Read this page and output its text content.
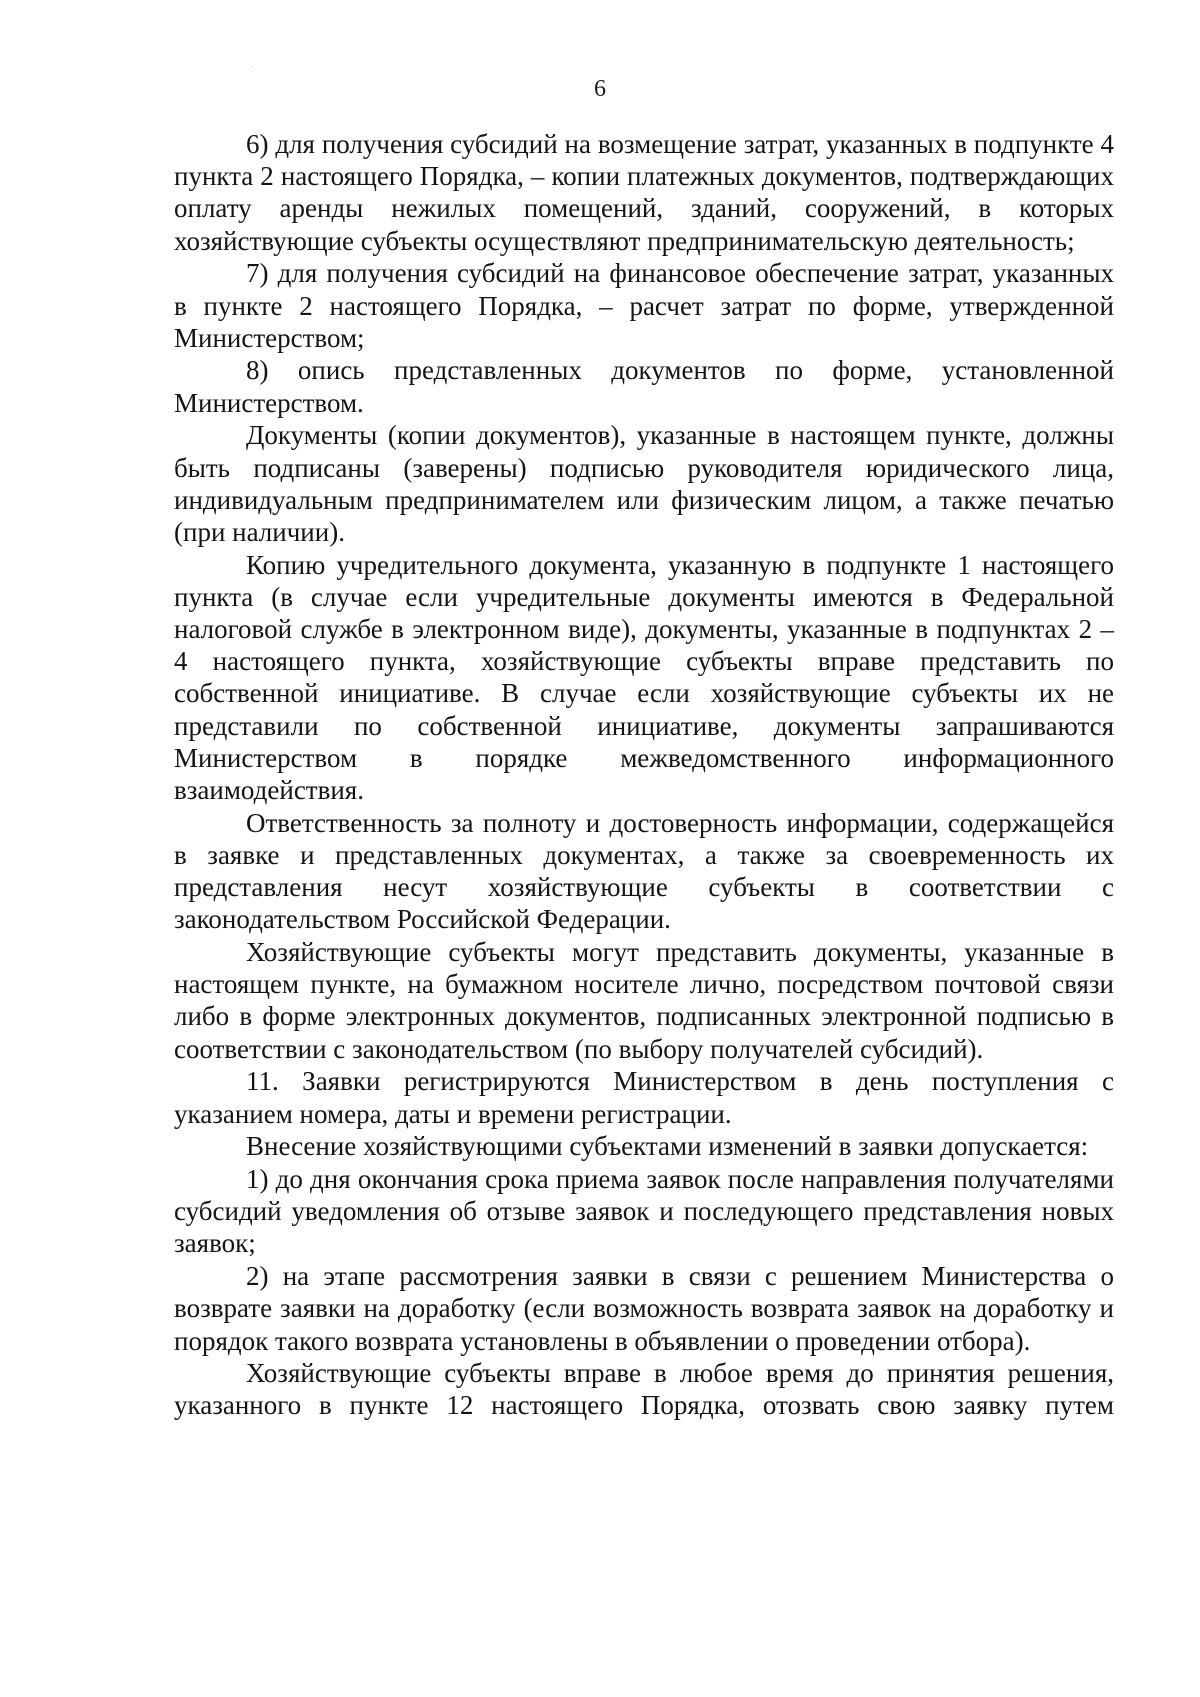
6

6) для получения субсидий на возмещение затрат, указанных в подпункте 4 пункта 2 настоящего Порядка, – копии платежных документов, подтверждающих оплату аренды нежилых помещений, зданий, сооружений, в которых хозяйствующие субъекты осуществляют предпринимательскую деятельность;

7) для получения субсидий на финансовое обеспечение затрат, указанных в пункте 2 настоящего Порядка, – расчет затрат по форме, утвержденной Министерством;

8) опись представленных документов по форме, установленной Министерством.

Документы (копии документов), указанные в настоящем пункте, должны быть подписаны (заверены) подписью руководителя юридического лица, индивидуальным предпринимателем или физическим лицом, а также печатью (при наличии).

Копию учредительного документа, указанную в подпункте 1 настоящего пункта (в случае если учредительные документы имеются в Федеральной налоговой службе в электронном виде), документы, указанные в подпунктах 2 – 4 настоящего пункта, хозяйствующие субъекты вправе представить по собственной инициативе. В случае если хозяйствующие субъекты их не представили по собственной инициативе, документы запрашиваются Министерством в порядке межведомственного информационного взаимодействия.

Ответственность за полноту и достоверность информации, содержащейся в заявке и представленных документах, а также за своевременность их представления несут хозяйствующие субъекты в соответствии с законодательством Российской Федерации.

Хозяйствующие субъекты могут представить документы, указанные в настоящем пункте, на бумажном носителе лично, посредством почтовой связи либо в форме электронных документов, подписанных электронной подписью в соответствии с законодательством (по выбору получателей субсидий).

11. Заявки регистрируются Министерством в день поступления с указанием номера, даты и времени регистрации.

Внесение хозяйствующими субъектами изменений в заявки допускается:

1) до дня окончания срока приема заявок после направления получателями субсидий уведомления об отзыве заявок и последующего представления новых заявок;

2) на этапе рассмотрения заявки в связи с решением Министерства о возврате заявки на доработку (если возможность возврата заявок на доработку и порядок такого возврата установлены в объявлении о проведении отбора).

Хозяйствующие субъекты вправе в любое время до принятия решения, указанного в пункте 12 настоящего Порядка, отозвать свою заявку путем
